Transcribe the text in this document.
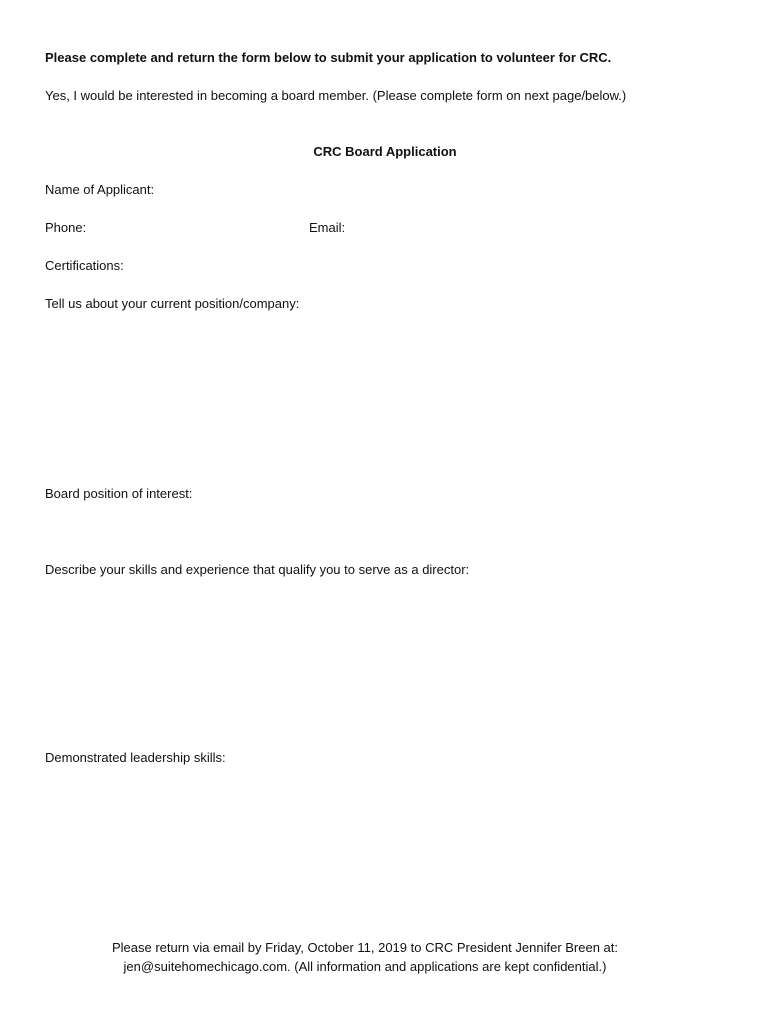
Please complete and return the form below to submit your application to volunteer for CRC.
Yes, I would be interested in becoming a board member. (Please complete form on next page/below.)
CRC Board Application
Name of Applicant:
Phone:	Email:
Certifications:
Tell us about your current position/company:
Board position of interest:
Describe your skills and experience that qualify you to serve as a director:
Demonstrated leadership skills:
Please return via email by Friday, October 11, 2019 to CRC President Jennifer Breen at:
jen@suitehomechicago.com. (All information and applications are kept confidential.)
